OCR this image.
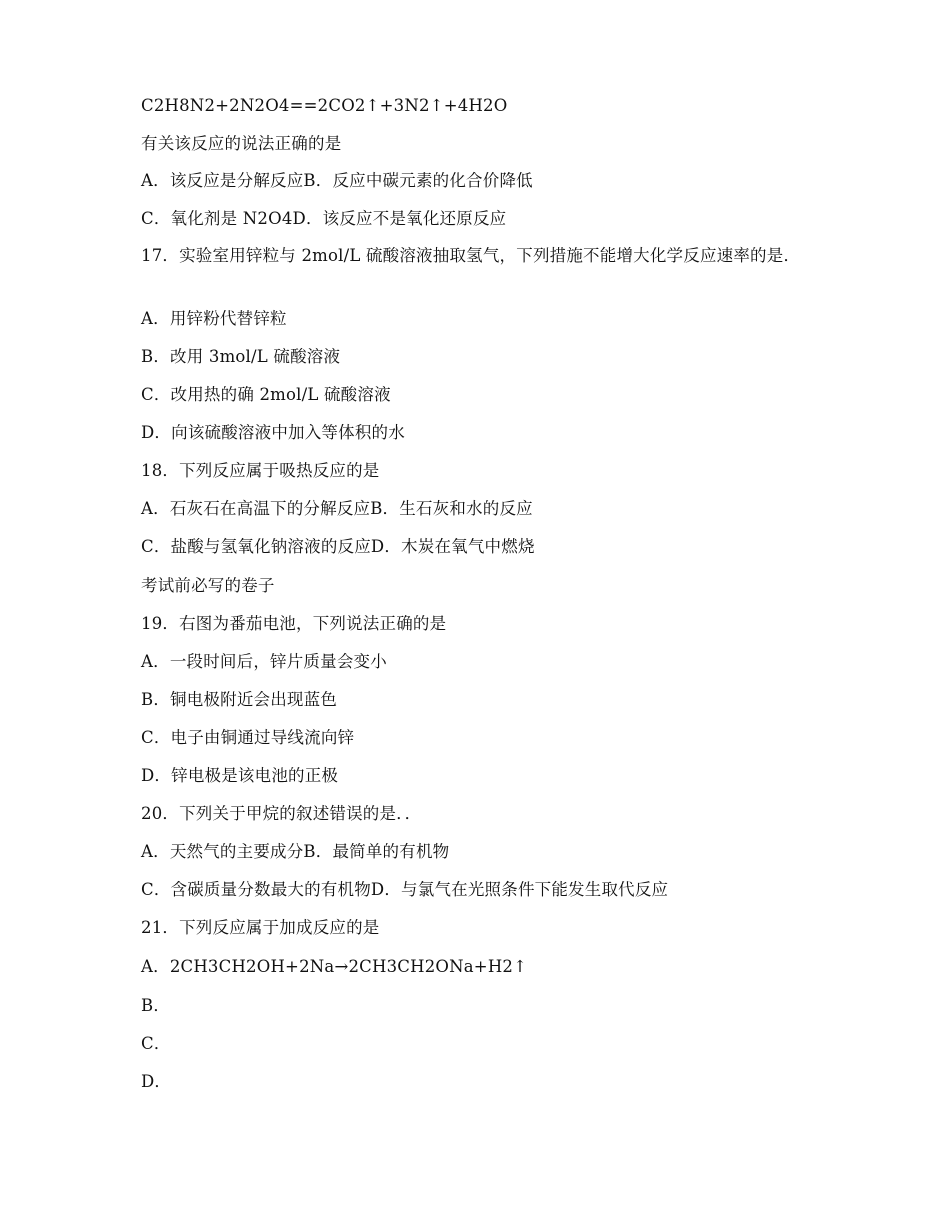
C2H8N2+2N2O4==2CO2↑+3N2↑+4H2O
有关该反应的说法正确的是
A．该反应是分解反应B．反应中碳元素的化合价降低
C．氧化剂是 N2O4D．该反应不是氧化还原反应
17．实验室用锌粒与 2mol/L 硫酸溶液抽取氢气，下列措施不能增大化学反应速率的是．
A．用锌粉代替锌粒
B．改用 3mol/L 硫酸溶液
C．改用热的确 2mol/L 硫酸溶液
D．向该硫酸溶液中加入等体积的水
18．下列反应属于吸热反应的是
A．石灰石在高温下的分解反应B．生石灰和水的反应
C．盐酸与氢氧化钠溶液的反应D．木炭在氧气中燃烧
考试前必写的卷子
19．右图为番茄电池，下列说法正确的是
A．一段时间后，锌片质量会变小
B．铜电极附近会出现蓝色
C．电子由铜通过导线流向锌
D．锌电极是该电池的正极
20．下列关于甲烷的叙述错误的是．．
A．天然气的主要成分B．最简单的有机物
C．含碳质量分数最大的有机物D．与氯气在光照条件下能发生取代反应
21．下列反应属于加成反应的是
A．2CH3CH2OH+2Na→2CH3CH2ONa+H2↑
B．
C．
D．
